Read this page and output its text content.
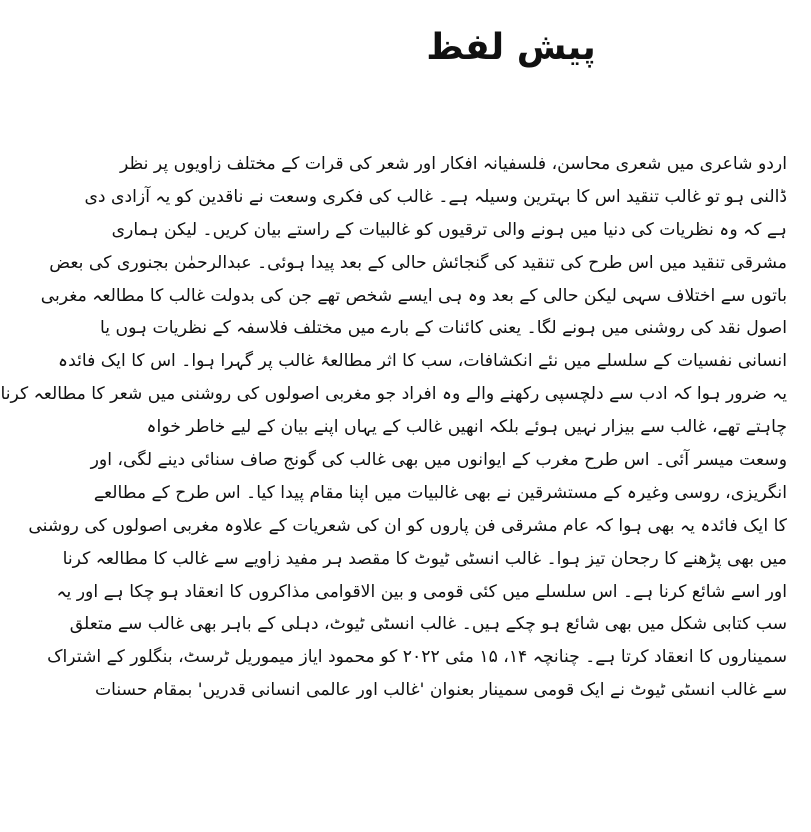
پیش لفظ
اردو شاعری میں شعری محاسن، فلسفیانہ افکار اور شعر کی قرات کے مختلف زاویوں پر نظر
ڈالنی ہو تو غالب تنقید اس کا بہترین وسیلہ ہے۔ غالب کی فکری وسعت نے ناقدین کو یہ آزادی دی
ہے کہ وہ نظریات کی دنیا میں ہونے والی ترقیوں کو غالبیات کے راستے بیان کریں۔ لیکن ہماری
مشرقی تنقید میں اس طرح کی تنقید کی گنجائش حالی کے بعد پیدا ہوئی۔ عبدالرحمٰن بجنوری کی بعض
باتوں سے اختلاف سہی لیکن حالی کے بعد وہ ہی ایسے شخص تھے جن کی بدولت غالب کا مطالعہ مغربی
اصول نقد کی روشنی میں ہونے لگا۔ یعنی کائنات کے بارے میں مختلف فلاسفہ کے نظریات ہوں یا
انسانی نفسیات کے سلسلے میں نئے انکشافات، سب کا اثر مطالعۂ غالب پر گہرا ہوا۔ اس کا ایک فائدہ
یہ ضرور ہوا کہ ادب سے دلچسپی رکھنے والے وہ افراد جو مغربی اصولوں کی روشنی میں شعر کا مطالعہ کرنا
چاہتے تھے، غالب سے بیزار نہیں ہوئے بلکہ انھیں غالب کے یہاں اپنے بیان کے لیے خاطر خواہ
وسعت میسر آئی۔ اس طرح مغرب کے ایوانوں میں بھی غالب کی گونج صاف سنائی دینے لگی، اور
انگریزی، روسی وغیرہ کے مستشرقین نے بھی غالبیات میں اپنا مقام پیدا کیا۔ اس طرح کے مطالعے
کا ایک فائدہ یہ بھی ہوا کہ عام مشرقی فن پاروں کو ان کی شعریات کے علاوہ مغربی اصولوں کی روشنی
میں بھی پڑھنے کا رجحان تیز ہوا۔ غالب انسٹی ٹیوٹ کا مقصد ہر مفید زاویے سے غالب کا مطالعہ کرنا
اور اسے شائع کرنا ہے۔ اس سلسلے میں کئی قومی و بین الاقوامی مذاکروں کا انعقاد ہو چکا ہے اور یہ
سب کتابی شکل میں بھی شائع ہو چکے ہیں۔ غالب انسٹی ٹیوٹ، دہلی کے باہر بھی غالب سے متعلق
سمیناروں کا انعقاد کرتا ہے۔ چنانچہ ۱۴، ۱۵ مئی ۲۰۲۲ کو محمود ایاز میموریل ٹرسٹ، بنگلور کے اشتراک
سے غالب انسٹی ٹیوٹ نے ایک قومی سمینار بعنوان 'غالب اور عالمی انسانی قدریں' بمقام حسنات
